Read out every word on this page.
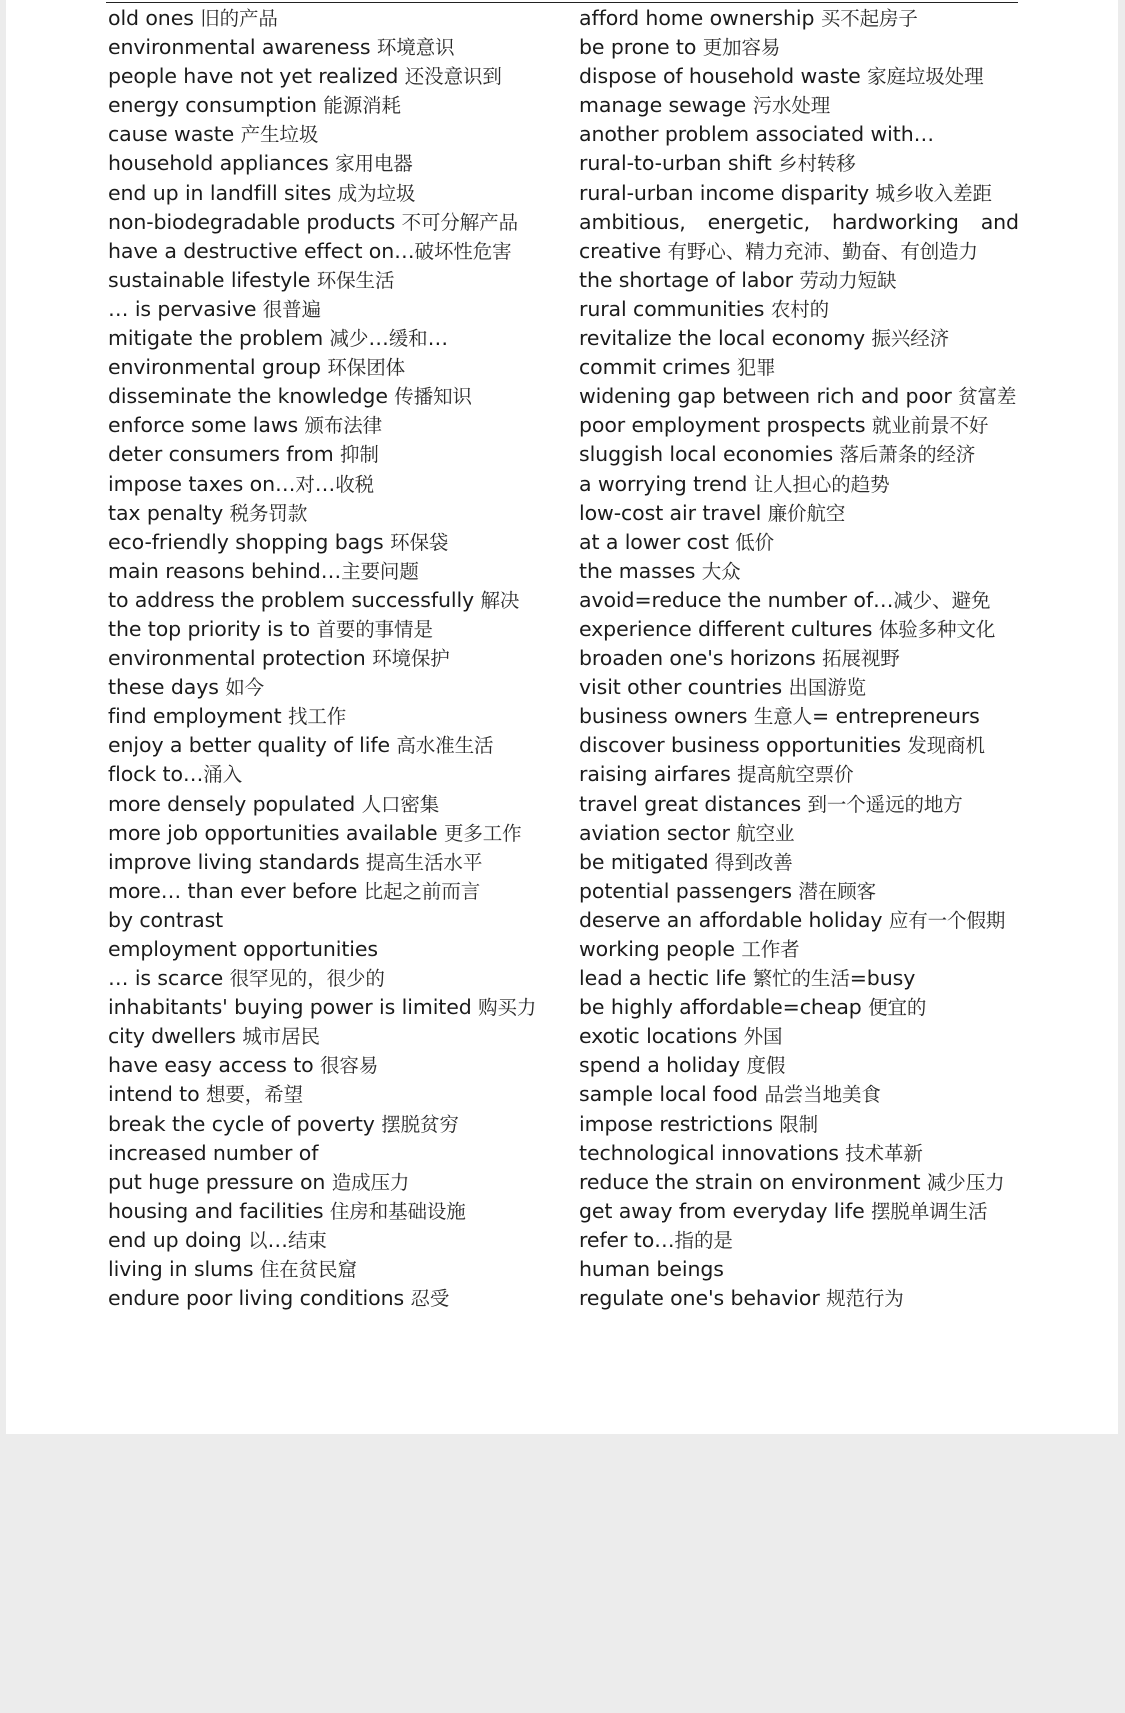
old ones 旧的产品
environmental awareness 环境意识
people have not yet realized 还没意识到
energy consumption 能源消耗
cause waste 产生垃圾
household appliances 家用电器
end up in landfill sites 成为垃圾
non-biodegradable products 不可分解产品
have a destructive effect on…破坏性危害
sustainable lifestyle 环保生活
… is pervasive 很普遍
mitigate the problem 减少…缓和…
environmental group 环保团体
disseminate the knowledge 传播知识
enforce some laws 颁布法律
deter consumers from 抑制
impose taxes on…对…收税
tax penalty 税务罚款
eco-friendly shopping bags 环保袋
main reasons behind…主要问题
to address the problem successfully 解决
the top priority is to 首要的事情是
environmental protection 环境保护
these days 如今
find employment 找工作
enjoy a better quality of life 高水准生活
flock to…涌入
more densely populated 人口密集
more job opportunities available 更多工作
improve living standards 提高生活水平
more… than ever before 比起之前而言
by contrast
employment opportunities
… is scarce 很罕见的，很少的
inhabitants' buying power is limited 购买力
city dwellers 城市居民
have easy access to 很容易
intend to 想要，希望
break the cycle of poverty 摆脱贫穷
increased number of
put huge pressure on 造成压力
housing and facilities 住房和基础设施
end up doing 以…结束
living in slums 住在贫民窟
endure poor living conditions 忍受
afford home ownership 买不起房子
be prone to 更加容易
dispose of household waste 家庭垃圾处理
manage sewage 污水处理
another problem associated with…
rural-to-urban shift 乡村转移
rural-urban income disparity 城乡收入差距
ambitious, energetic, hardworking and
creative 有野心、精力充沛、勤奋、有创造力
the shortage of labor 劳动力短缺
rural communities 农村的
revitalize the local economy 振兴经济
commit crimes 犯罪
widening gap between rich and poor 贫富差
poor employment prospects 就业前景不好
sluggish local economies 落后萧条的经济
a worrying trend 让人担心的趋势
low-cost air travel 廉价航空
at a lower cost 低价
the masses 大众
avoid=reduce the number of…减少、避免
experience different cultures 体验多种文化
broaden one's horizons 拓展视野
visit other countries 出国游览
business owners 生意人= entrepreneurs
discover business opportunities 发现商机
raising airfares 提高航空票价
travel great distances 到一个遥远的地方
aviation sector 航空业
be mitigated 得到改善
potential passengers 潜在顾客
deserve an affordable holiday 应有一个假期
working people 工作者
lead a hectic life 繁忙的生活=busy
be highly affordable=cheap 便宜的
exotic locations 外国
spend a holiday 度假
sample local food 品尝当地美食
impose restrictions 限制
technological innovations 技术革新
reduce the strain on environment 减少压力
get away from everyday life 摆脱单调生活
refer to…指的是
human beings
regulate one's behavior 规范行为
